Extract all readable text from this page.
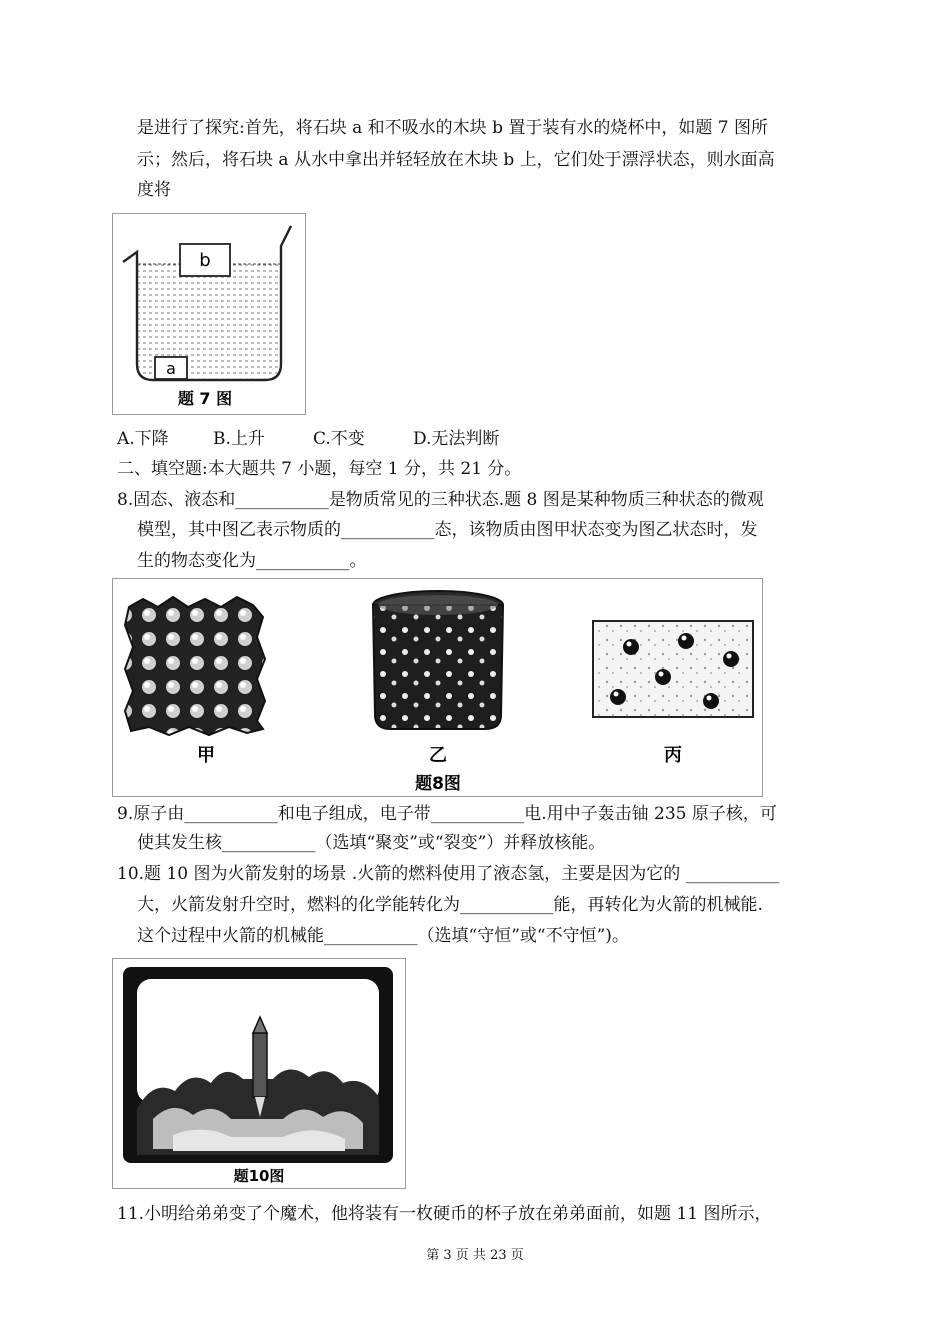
是进行了探究:首先，将石块 a 和不吸水的木块 b 置于装有水的烧杯中，如题 7 图所
示；然后，将石块 a 从水中拿出并轻轻放在木块 b 上，它们处于漂浮状态，则水面高
度将
b
a
题 7 图
A.下降	B.上升	C.不变	D.无法判断
二、填空题:本大题共 7 小题，每空 1 分，共 21 分。
8.固态、液态和___________是物质常见的三种状态.题 8 图是某种物质三种状态的微观
模型，其中图乙表示物质的___________态，该物质由图甲状态变为图乙状态时，发
生的物态变化为___________。
甲	乙	丙
题8图
9.原子由___________和电子组成，电子带___________电.用中子轰击铀 235 原子核，可
使其发生核___________（选填“聚变”或“裂变”）并释放核能。
10.题 10 图为火箭发射的场景 .火箭的燃料使用了液态氢，主要是因为它的 ___________
大，火箭发射升空时，燃料的化学能转化为___________能，再转化为火箭的机械能.
这个过程中火箭的机械能___________（选填“守恒”或“不守恒”)。
题10图
11.小明给弟弟变了个魔术，他将装有一枚硬币的杯子放在弟弟面前，如题 11 图所示，
第 3 页 共 23 页
